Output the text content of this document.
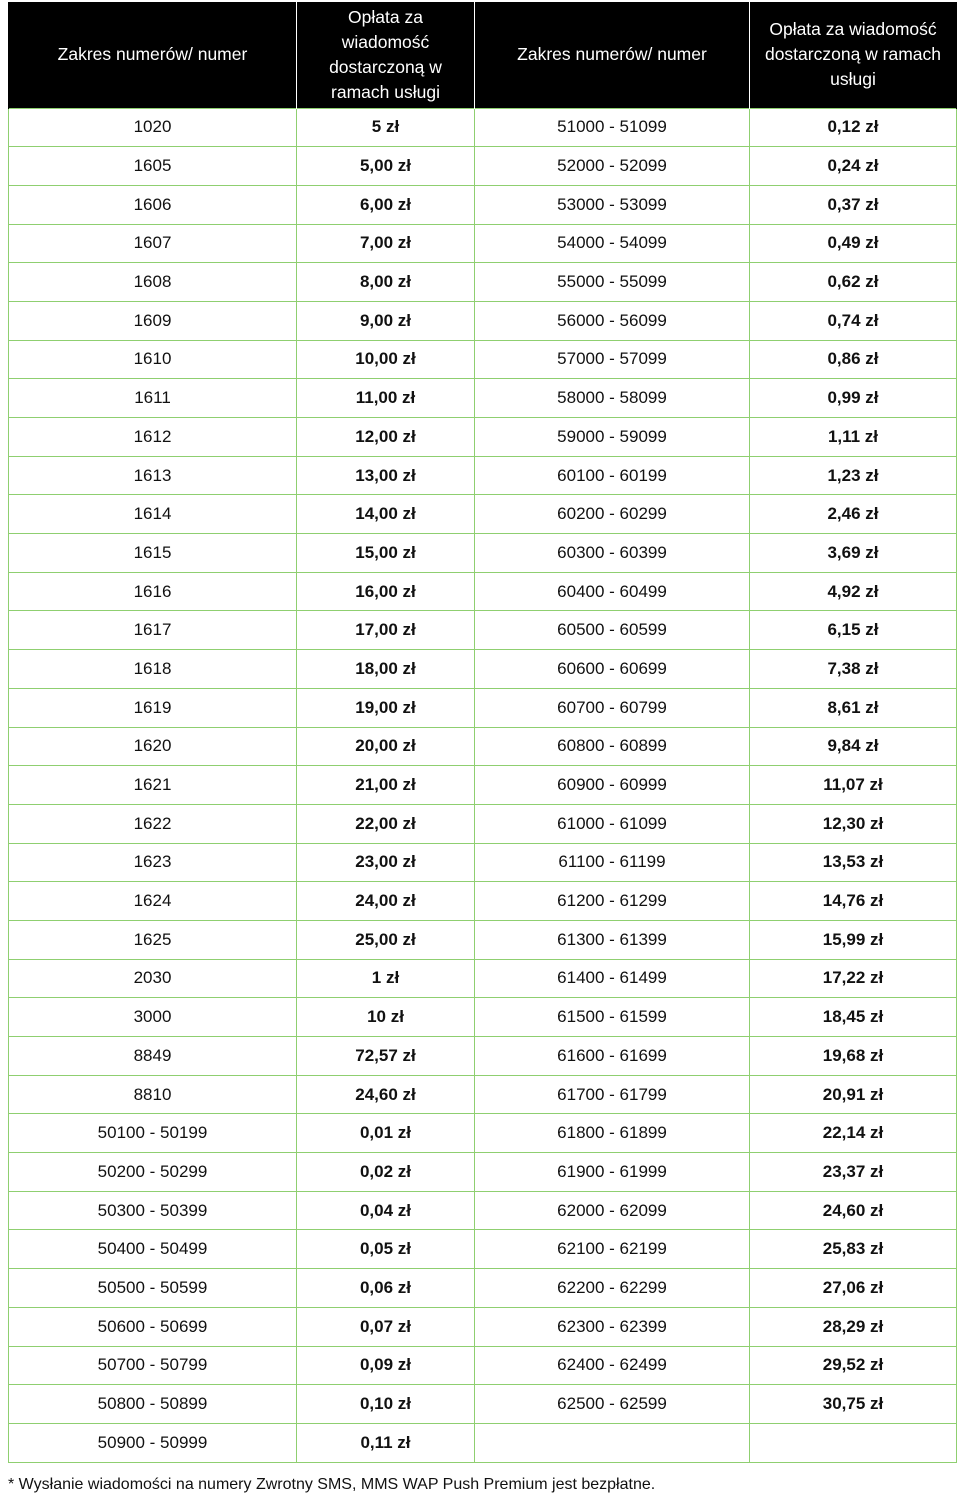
Zakres numerów/ numer	Opłata za wiadomość dostarczoną w ramach usługi	Zakres numerów/ numer	Opłata za wiadomość dostarczoną w ramach usługi
1020	5 zł	51000 - 51099	0,12 zł
1605	5,00 zł	52000 - 52099	0,24 zł
1606	6,00 zł	53000 - 53099	0,37 zł
1607	7,00 zł	54000 - 54099	0,49 zł
1608	8,00 zł	55000 - 55099	0,62 zł
1609	9,00 zł	56000 - 56099	0,74 zł
1610	10,00 zł	57000 - 57099	0,86 zł
1611	11,00 zł	58000 - 58099	0,99 zł
1612	12,00 zł	59000 - 59099	1,11 zł
1613	13,00 zł	60100 - 60199	1,23 zł
1614	14,00 zł	60200 - 60299	2,46 zł
1615	15,00 zł	60300 - 60399	3,69 zł
1616	16,00 zł	60400 - 60499	4,92 zł
1617	17,00 zł	60500 - 60599	6,15 zł
1618	18,00 zł	60600 - 60699	7,38 zł
1619	19,00 zł	60700 - 60799	8,61 zł
1620	20,00 zł	60800 - 60899	9,84 zł
1621	21,00 zł	60900 - 60999	11,07 zł
1622	22,00 zł	61000 - 61099	12,30 zł
1623	23,00 zł	61100 - 61199	13,53 zł
1624	24,00 zł	61200 - 61299	14,76 zł
1625	25,00 zł	61300 - 61399	15,99 zł
2030	1 zł	61400 - 61499	17,22 zł
3000	10 zł	61500 - 61599	18,45 zł
8849	72,57 zł	61600 - 61699	19,68 zł
8810	24,60 zł	61700 - 61799	20,91 zł
50100 - 50199	0,01 zł	61800 - 61899	22,14 zł
50200 - 50299	0,02 zł	61900 - 61999	23,37 zł
50300 - 50399	0,04 zł	62000 - 62099	24,60 zł
50400 - 50499	0,05 zł	62100 - 62199	25,83 zł
50500 - 50599	0,06 zł	62200 - 62299	27,06 zł
50600 - 50699	0,07 zł	62300 - 62399	28,29 zł
50700 - 50799	0,09 zł	62400 - 62499	29,52 zł
50800 - 50899	0,10 zł	62500 - 62599	30,75 zł
50900 - 50999	0,11 zł		
* Wysłanie wiadomości na numery Zwrotny SMS, MMS WAP Push Premium jest bezpłatne.
